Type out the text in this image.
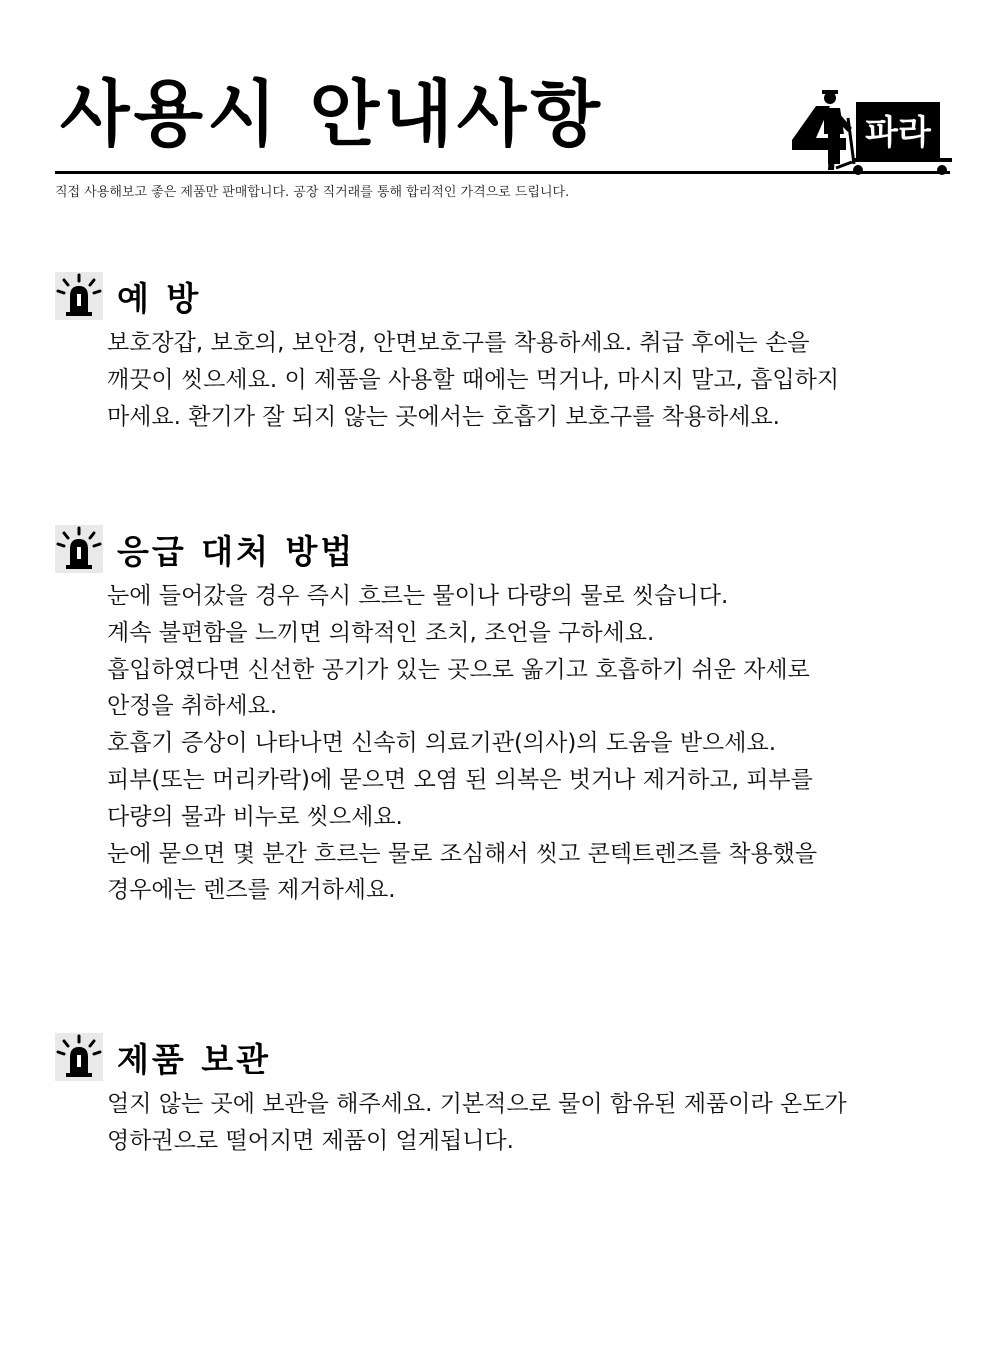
사용시 안내사항	파라
직접 사용해보고 좋은 제품만 판매합니다. 공장 직거래를 통해 합리적인 가격으로 드립니다.
예 방
보호장갑, 보호의, 보안경, 안면보호구를 착용하세요. 취급 후에는 손을
깨끗이 씻으세요. 이 제품을 사용할 때에는 먹거나, 마시지 말고, 흡입하지
마세요. 환기가 잘 되지 않는 곳에서는 호흡기 보호구를 착용하세요.
응급 대처 방법
눈에 들어갔을 경우 즉시 흐르는 물이나 다량의 물로 씻습니다.
계속 불편함을 느끼면 의학적인 조치, 조언을 구하세요.
흡입하였다면 신선한 공기가 있는 곳으로 옮기고 호흡하기 쉬운 자세로
안정을 취하세요.
호흡기 증상이 나타나면 신속히 의료기관(의사)의 도움을 받으세요.
피부(또는 머리카락)에 묻으면 오염 된 의복은 벗거나 제거하고, 피부를
다량의 물과 비누로 씻으세요.
눈에 묻으면 몇 분간 흐르는 물로 조심해서 씻고 콘텍트렌즈를 착용했을
경우에는 렌즈를 제거하세요.
제품 보관
얼지 않는 곳에 보관을 해주세요. 기본적으로 물이 함유된 제품이라 온도가
영하권으로 떨어지면 제품이 얼게됩니다.
